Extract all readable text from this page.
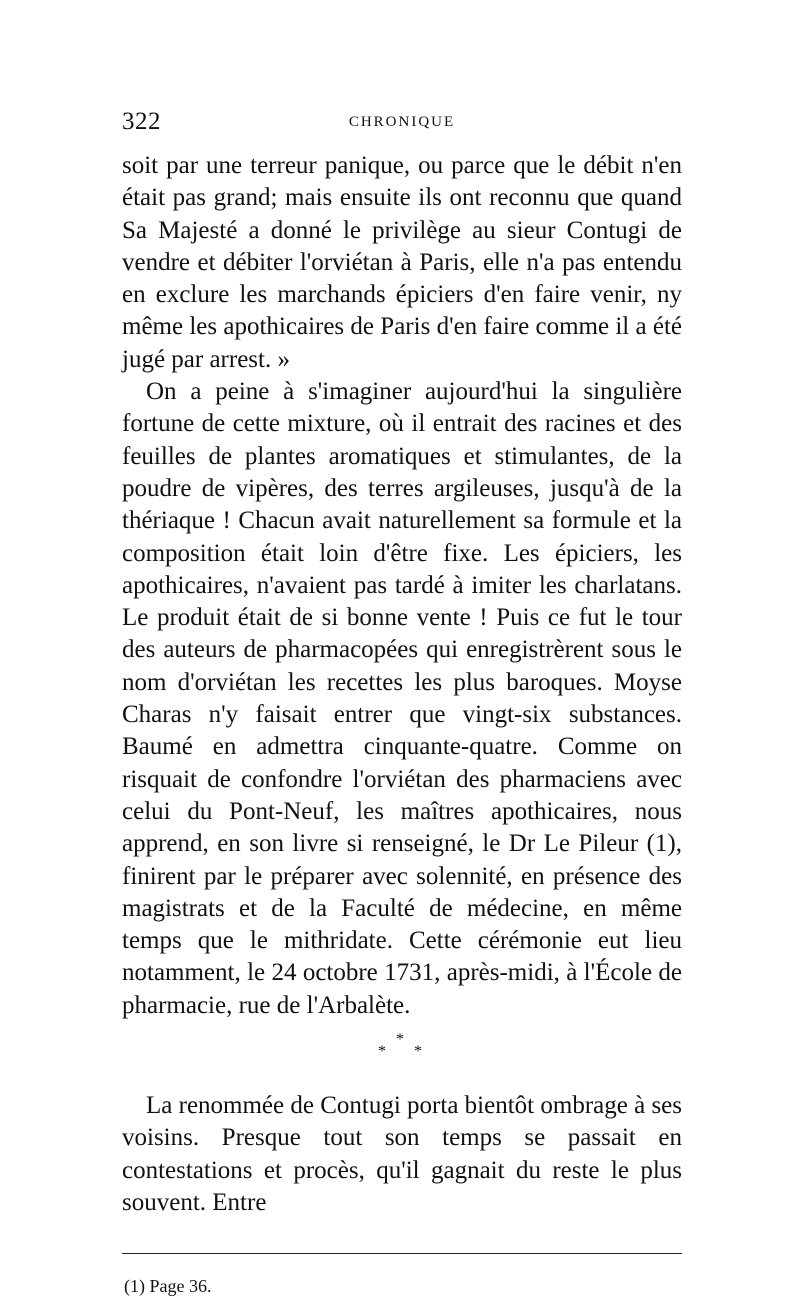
322	CHRONIQUE

soit par une terreur panique, ou parce que le débit n'en était pas grand; mais ensuite ils ont reconnu que quand Sa Majesté a donné le privilège au sieur Contugi de vendre et débiter l'orviétan à Paris, elle n'a pas entendu en exclure les marchands épiciers d'en faire venir, ny même les apothicaires de Paris d'en faire comme il a été jugé par arrest. »

On a peine à s'imaginer aujourd'hui la singulière fortune de cette mixture, où il entrait des racines et des feuilles de plantes aromatiques et stimulantes, de la poudre de vipères, des terres argileuses, jusqu'à de la thériaque ! Chacun avait naturellement sa formule et la composition était loin d'être fixe. Les épiciers, les apothicaires, n'avaient pas tardé à imiter les charlatans. Le produit était de si bonne vente ! Puis ce fut le tour des auteurs de pharmacopées qui enregistrèrent sous le nom d'orviétan les recettes les plus baroques. Moyse Charas n'y faisait entrer que vingt-six substances. Baumé en admettra cinquante-quatre. Comme on risquait de confondre l'orviétan des pharmaciens avec celui du Pont-Neuf, les maîtres apothicaires, nous apprend, en son livre si renseigné, le Dr Le Pileur (1), finirent par le préparer avec solennité, en présence des magistrats et de la Faculté de médecine, en même temps que le mithridate. Cette cérémonie eut lieu notamment, le 24 octobre 1731, après-midi, à l'École de pharmacie, rue de l'Arbalète.

*
* *

La renommée de Contugi porta bientôt ombrage à ses voisins. Presque tout son temps se passait en contestations et procès, qu'il gagnait du reste le plus souvent. Entre

(1) Page 36.
